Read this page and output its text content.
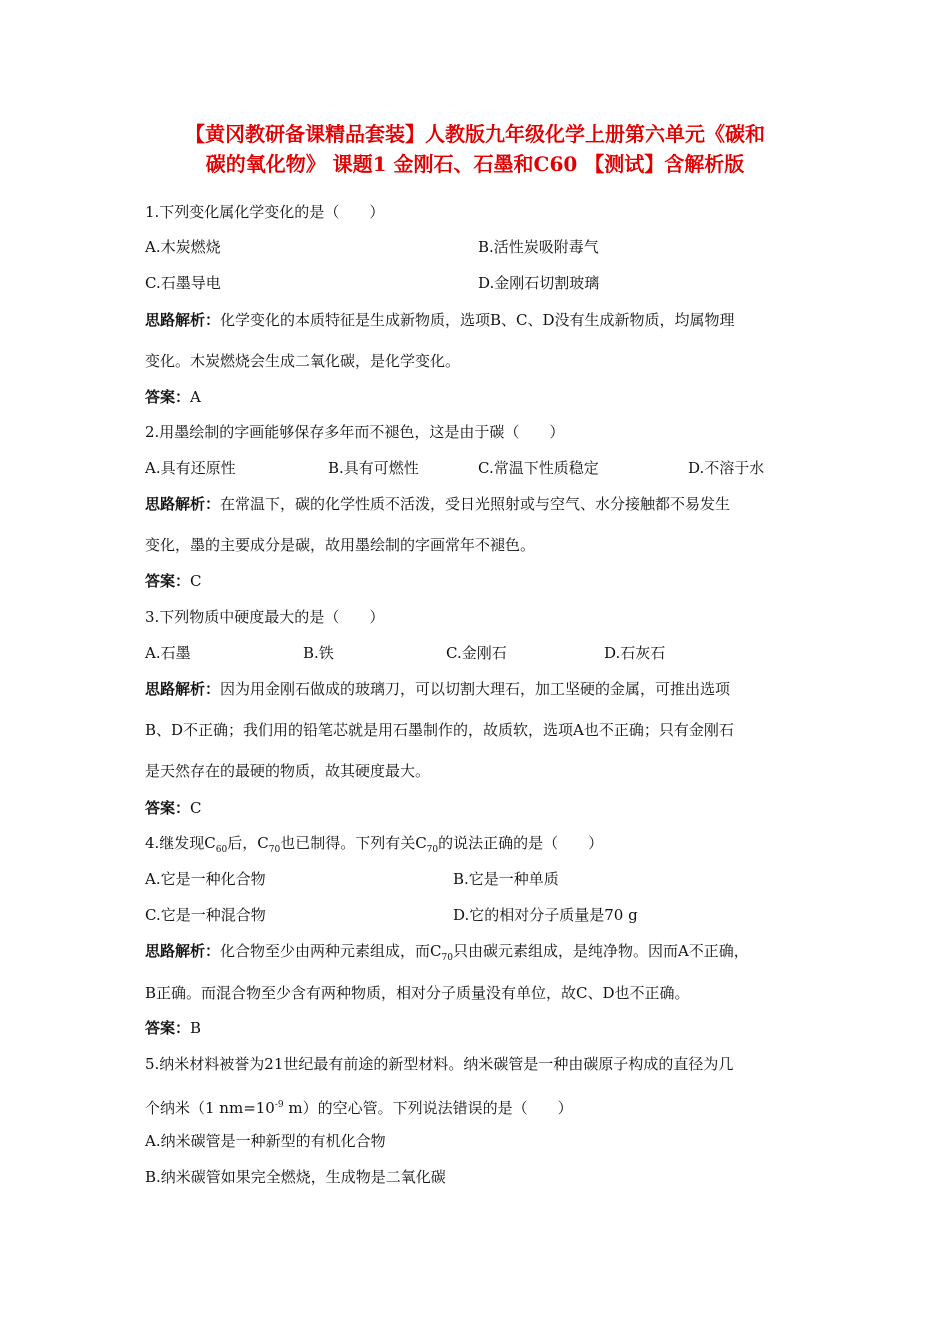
【黄冈教研备课精品套装】人教版九年级化学上册第六单元《碳和
碳的氧化物》 课题1 金刚石、石墨和C60 【测试】含解析版
1.下列变化属化学变化的是（　　）
A.木炭燃烧	B.活性炭吸附毒气
C.石墨导电	D.金刚石切割玻璃
思路解析：化学变化的本质特征是生成新物质，选项B、C、D没有生成新物质，均属物理
变化。木炭燃烧会生成二氧化碳，是化学变化。
答案：A
2.用墨绘制的字画能够保存多年而不褪色，这是由于碳（　　）
A.具有还原性	B.具有可燃性	C.常温下性质稳定	D.不溶于水
思路解析：在常温下，碳的化学性质不活泼，受日光照射或与空气、水分接触都不易发生
变化，墨的主要成分是碳，故用墨绘制的字画常年不褪色。
答案：C
3.下列物质中硬度最大的是（　　）
A.石墨	B.铁	C.金刚石	D.石灰石
思路解析：因为用金刚石做成的玻璃刀，可以切割大理石，加工坚硬的金属，可推出选项
B、D不正确；我们用的铅笔芯就是用石墨制作的，故质软，选项A也不正确；只有金刚石
是天然存在的最硬的物质，故其硬度最大。
答案：C
4.继发现$C_{60}$后，$C_{70}$也已制得。下列有关$C_{70}$的说法正确的是（　　）
A.它是一种化合物	B.它是一种单质
C.它是一种混合物	D.它的相对分子质量是70 g
思路解析：化合物至少由两种元素组成，而$C_{70}$只由碳元素组成，是纯净物。因而A不正确，
B正确。而混合物至少含有两种物质，相对分子质量没有单位，故C、D也不正确。
答案：B
5.纳米材料被誉为21世纪最有前途的新型材料。纳米碳管是一种由碳原子构成的直径为几
个纳米（1 $nm=10^{-9}$ m）的空心管。下列说法错误的是（　　）
A.纳米碳管是一种新型的有机化合物
B.纳米碳管如果完全燃烧，生成物是二氧化碳
